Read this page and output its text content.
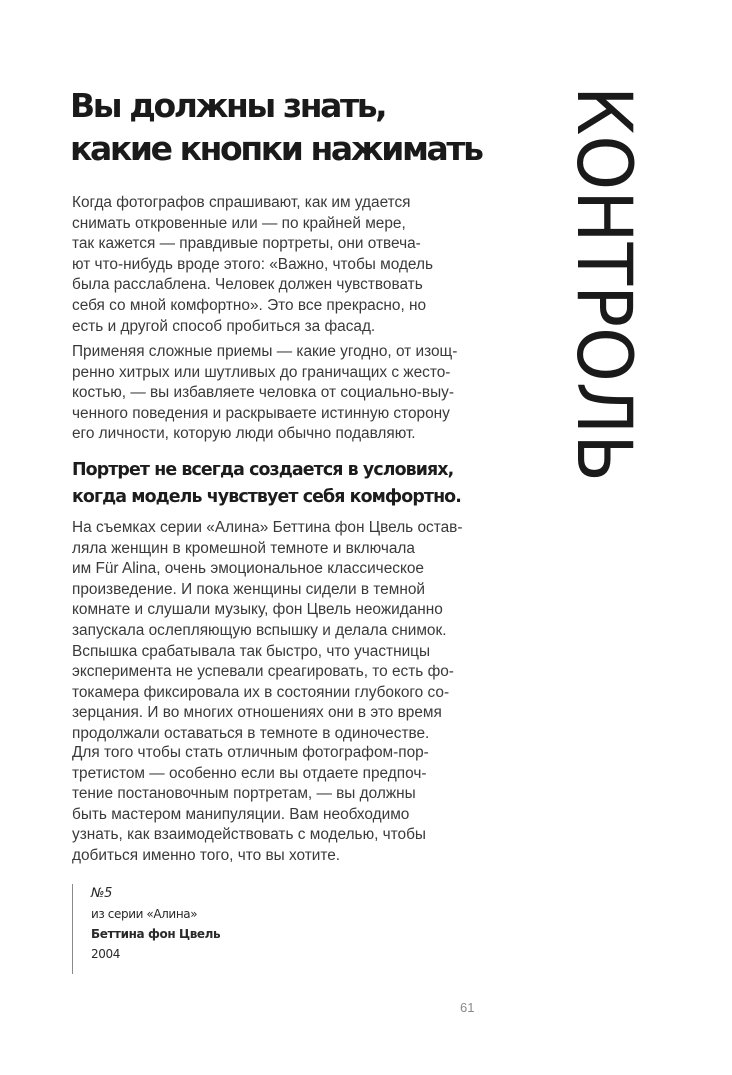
Вы должны знать,
какие кнопки нажимать КОНТРОЛЬ

Когда фотографов спрашивают, как им удается
снимать откровенные или — по крайней мере,
так кажется — правдивые портреты, они отвеча-
ют что-нибудь вроде этого: «Важно, чтобы модель
была расслаблена. Человек должен чувствовать
себя со мной комфортно». Это все прекрасно, но
есть и другой способ пробиться за фасад.

Применяя сложные приемы — какие угодно, от изощ-
ренно хитрых или шутливых до граничащих с жесто-
костью, — вы избавляете человка от социально-выу-
ченного поведения и раскрываете истинную сторону
его личности, которую люди обычно подавляют.

Портрет не всегда создается в условиях,
когда модель чувствует себя комфортно.

На съемках серии «Алина» Беттина фон Цвель остав-
ляла женщин в кромешной темноте и включала
им Für Alina, очень эмоциональное классическое
произведение. И пока женщины сидели в темной
комнате и слушали музыку, фон Цвель неожиданно
запускала ослепляющую вспышку и делала снимок.
Вспышка срабатывала так быстро, что участницы
эксперимента не успевали среагировать, то есть фо-
токамера фиксировала их в состоянии глубокого со-
зерцания. И во многих отношениях они в это время
продолжали оставаться в темноте в одиночестве.

Для того чтобы стать отличным фотографом-пор-
третистом — особенно если вы отдаете предпоч-
тение постановочным портретам, — вы должны
быть мастером манипуляции. Вам необходимо
узнать, как взаимодействовать с моделью, чтобы
добиться именно того, что вы хотите.

№5
из серии «Алина»
Беттина фон Цвель
2004
61
